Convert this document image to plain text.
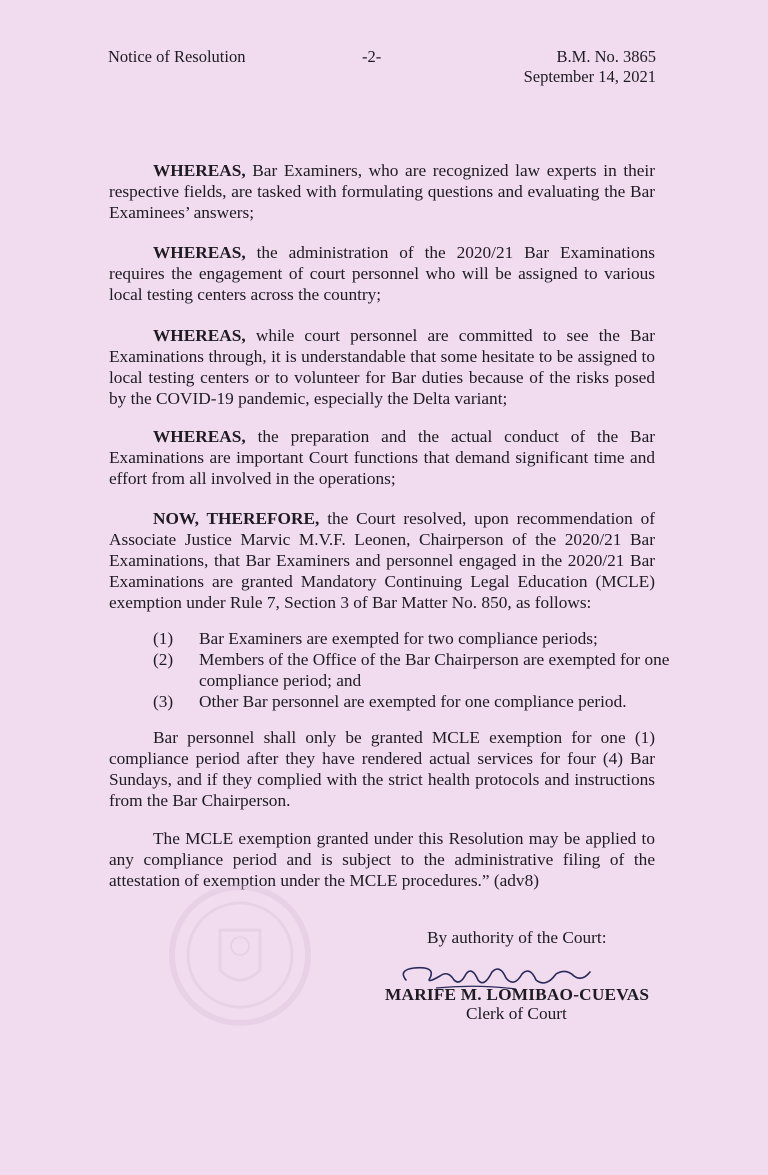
Notice of Resolution	-2-	B.M. No. 3865
September 14, 2021
WHEREAS, Bar Examiners, who are recognized law experts in their respective fields, are tasked with formulating questions and evaluating the Bar Examinees’ answers;
WHEREAS, the administration of the 2020/21 Bar Examinations requires the engagement of court personnel who will be assigned to various local testing centers across the country;
WHEREAS, while court personnel are committed to see the Bar Examinations through, it is understandable that some hesitate to be assigned to local testing centers or to volunteer for Bar duties because of the risks posed by the COVID-19 pandemic, especially the Delta variant;
WHEREAS, the preparation and the actual conduct of the Bar Examinations are important Court functions that demand significant time and effort from all involved in the operations;
NOW, THEREFORE, the Court resolved, upon recommendation of Associate Justice Marvic M.V.F. Leonen, Chairperson of the 2020/21 Bar Examinations, that Bar Examiners and personnel engaged in the 2020/21 Bar Examinations are granted Mandatory Continuing Legal Education (MCLE) exemption under Rule 7, Section 3 of Bar Matter No. 850, as follows:
(1) Bar Examiners are exempted for two compliance periods;
(2) Members of the Office of the Bar Chairperson are exempted for one compliance period; and
(3) Other Bar personnel are exempted for one compliance period.
Bar personnel shall only be granted MCLE exemption for one (1) compliance period after they have rendered actual services for four (4) Bar Sundays, and if they complied with the strict health protocols and instructions from the Bar Chairperson.
The MCLE exemption granted under this Resolution may be applied to any compliance period and is subject to the administrative filing of the attestation of exemption under the MCLE procedures.” (adv8)
By authority of the Court:
MARIFE M. LOMIBAO-CUEVAS
Clerk of Court
